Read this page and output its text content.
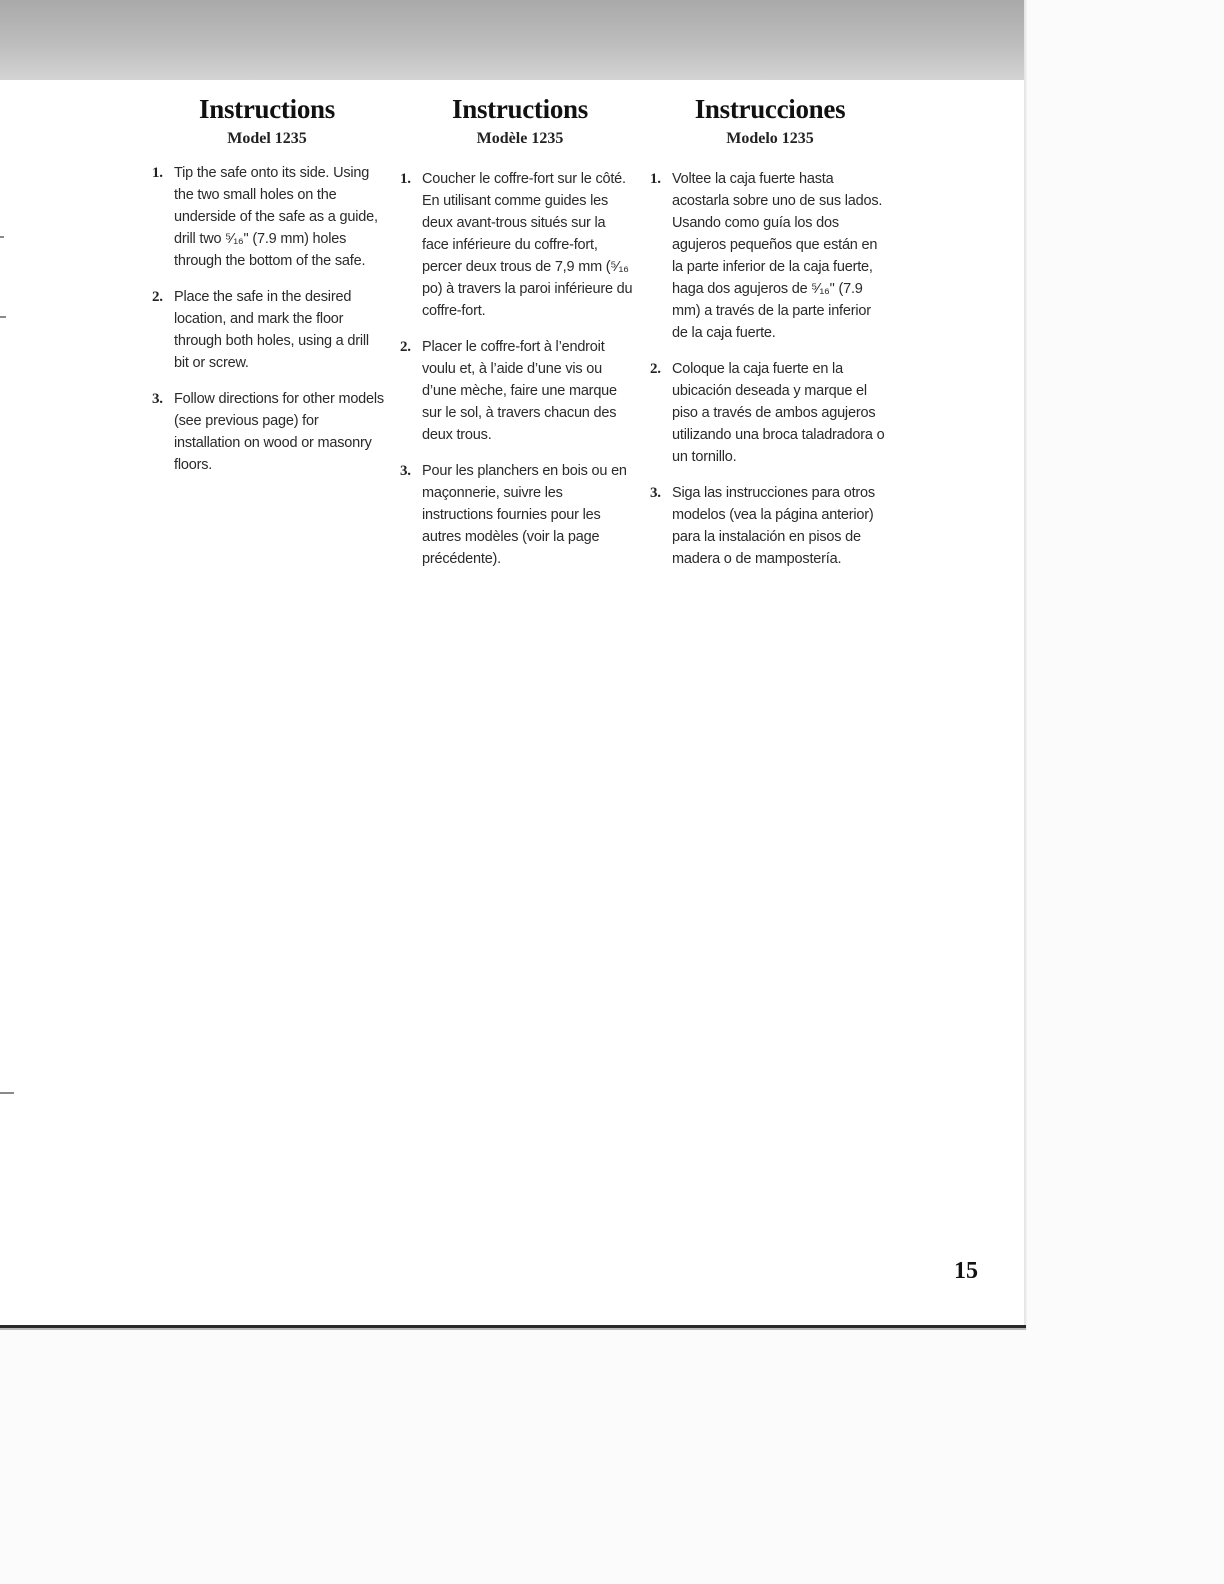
Instructions
Model 1235
1. Tip the safe onto its side. Using the two small holes on the underside of the safe as a guide, drill two ⁵⁄₁₆" (7.9 mm) holes through the bottom of the safe.
2. Place the safe in the desired location, and mark the floor through both holes, using a drill bit or screw.
3. Follow directions for other models (see previous page) for installation on wood or masonry floors.
Instructions
Modèle 1235
1. Coucher le coffre-fort sur le côté. En utilisant comme guides les deux avant-trous situés sur la face inférieure du coffre-fort, percer deux trous de 7,9 mm (⁵⁄₁₆ po) à travers la paroi inférieure du coffre-fort.
2. Placer le coffre-fort à l’endroit voulu et, à l’aide d’une vis ou d’une mèche, faire une marque sur le sol, à travers chacun des deux trous.
3. Pour les planchers en bois ou en maçonnerie, suivre les instructions fournies pour les autres modèles (voir la page précédente).
Instrucciones
Modelo 1235
1. Voltee la caja fuerte hasta acostarla sobre uno de sus lados. Usando como guía los dos agujeros pequeños que están en la parte inferior de la caja fuerte, haga dos agujeros de ⁵⁄₁₆" (7.9 mm) a través de la parte inferior de la caja fuerte.
2. Coloque la caja fuerte en la ubicación deseada y marque el piso a través de ambos agujeros utilizando una broca taladradora o un tornillo.
3. Siga las instrucciones para otros modelos (vea la página anterior) para la instalación en pisos de madera o de mampostería.
15
